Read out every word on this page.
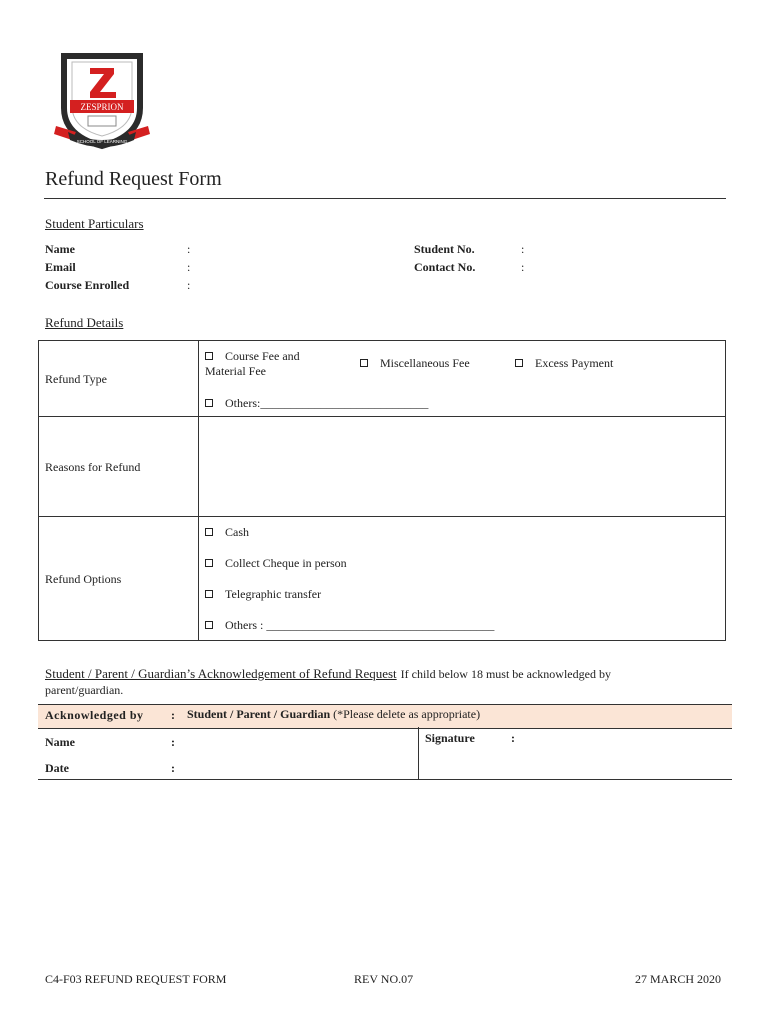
ZESPRION
SCHOOL OF LEARNING
Refund Request Form
Student Particulars
Name	:
Email	:
Course Enrolled	:
Student No.	:
Contact No.	:
Refund Details
Refund Type
Course Fee and
Material Fee
Miscellaneous Fee	Excess Payment
Others:____________________________
Reasons for Refund
Refund Options
Cash
Collect Cheque in person
Telegraphic transfer
Others : ______________________________________
Student / Parent / Guardian’s Acknowledgement of Refund Request If child below 18 must be acknowledged by
parent/guardian.
Acknowledged by : Student / Parent / Guardian (*Please delete as appropriate)
Name	:
Date	:
Signature	:
C4-F03 REFUND REQUEST FORM	REV NO.07	27 MARCH 2020
